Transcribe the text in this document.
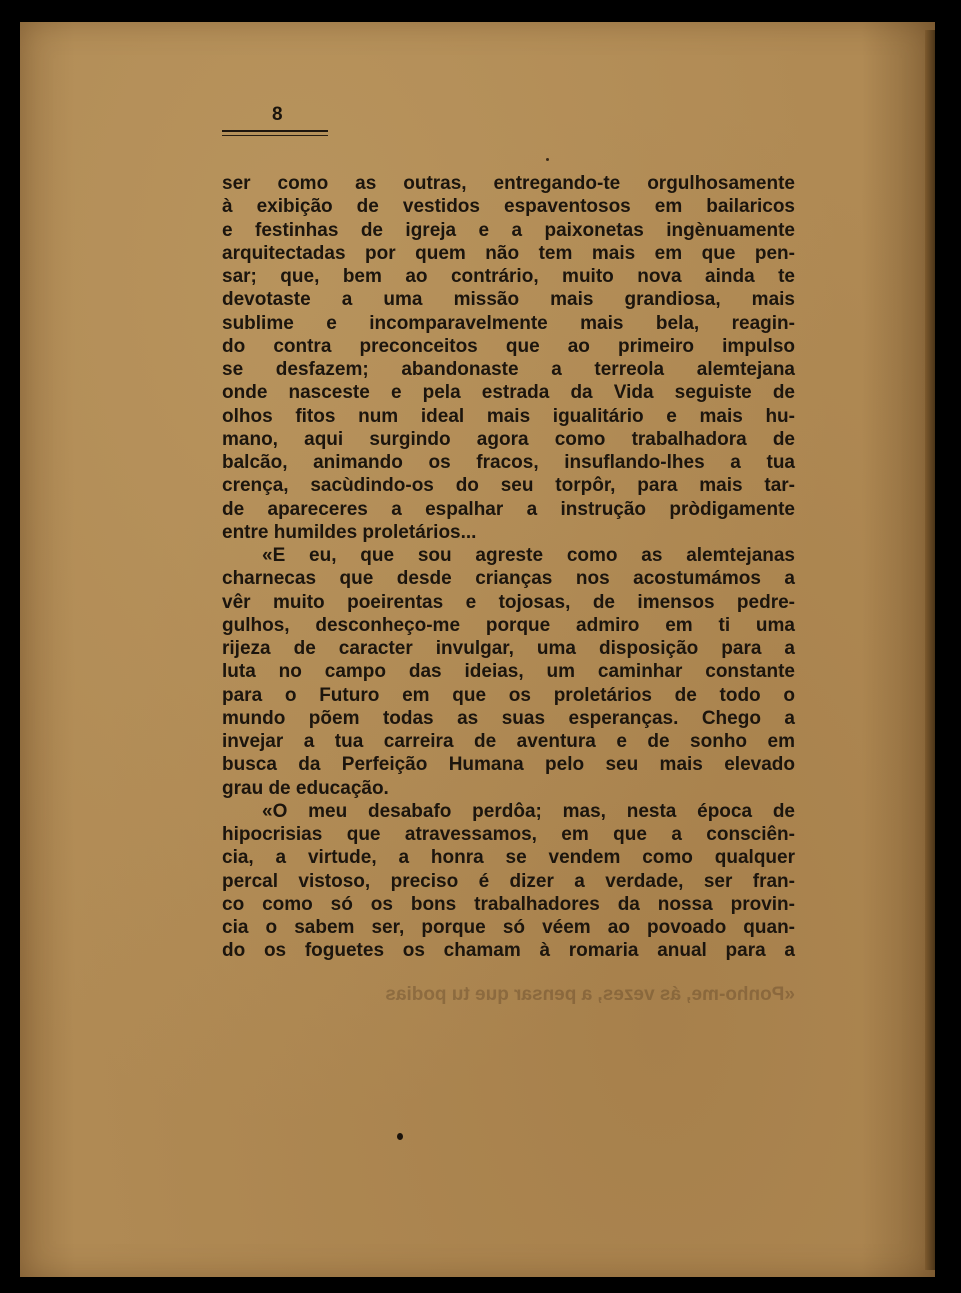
8
ser como as outras, entregando-te orgulhosamente
à exibição de vestidos espaventosos em bailaricos
e festinhas de igreja e a paixonetas ingènuamente
arquitectadas por quem não tem mais em que pen-
sar; que, bem ao contrário, muito nova ainda te
devotaste a uma missão mais grandiosa, mais
sublime e incomparavelmente mais bela, reagin-
do contra preconceitos que ao primeiro impulso
se desfazem; abandonaste a terreola alemtejana
onde nasceste e pela estrada da Vida seguiste de
olhos fitos num ideal mais igualitário e mais hu-
mano, aqui surgindo agora como trabalhadora de
balcão, animando os fracos, insuflando-lhes a tua
crença, sacùdindo-os do seu torpôr, para mais tar-
de apareceres a espalhar a instrução pròdigamente
entre humildes proletários...
«E eu, que sou agreste como as alemtejanas
charnecas que desde crianças nos acostumámos a
vêr muito poeirentas e tojosas, de imensos pedre-
gulhos, desconheço-me porque admiro em ti uma
rijeza de caracter invulgar, uma disposição para a
luta no campo das ideias, um caminhar constante
para o Futuro em que os proletários de todo o
mundo põem todas as suas esperanças. Chego a
invejar a tua carreira de aventura e de sonho em
busca da Perfeição Humana pelo seu mais elevado
grau de educação.
«O meu desabafo perdôa; mas, nesta época de
hipocrisias que atravessamos, em que a consciên-
cia, a virtude, a honra se vendem como qualquer
percal vistoso, preciso é dizer a verdade, ser fran-
co como só os bons trabalhadores da nossa provin-
cia o sabem ser, porque só véem ao povoado quan-
do os foguetes os chamam à romaria anual para a
«Ponho-me, ás vezes, a pensar que tu podias
